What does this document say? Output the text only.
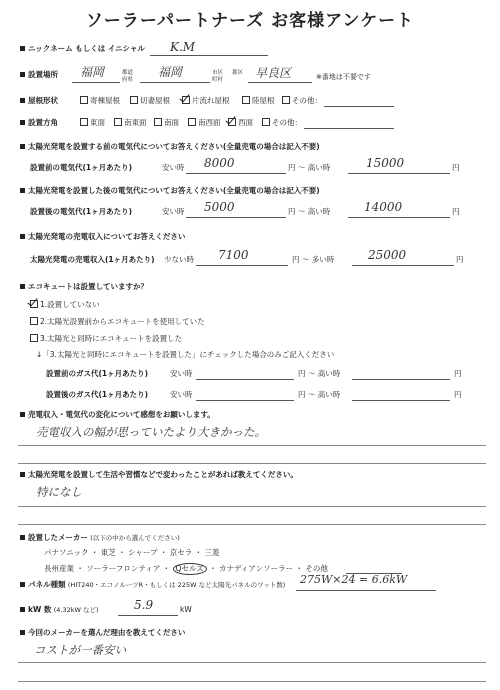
ソーラーパートナーズ お客様アンケート
ニックネーム もしくは イニシャル K.M
設置場所 福岡	都道府県
福岡	市区町村
郡区 早良区	※番地は不要です
屋根形状	寄棟屋根	切妻屋根	片流れ屋根	陸屋根	その他：
設置方角	東面	南東面	南面	南西面	西面	その他：
太陽光発電を設置する前の電気代についてお答えください(全量売電の場合は記入不要)
設置前の電気代(1ヶ月あたり)	安い時 8000	円 〜 高い時	15000	円
太陽光発電を設置した後の電気代についてお答えください(全量売電の場合は記入不要)
設置後の電気代(1ヶ月あたり)	安い時 5000	円 〜 高い時	14000	円
太陽光発電の売電収入についてお答えください
太陽光発電の売電収入(1ヶ月あたり) 少ない時 7100	円 〜 多い時	25000	円
エコキュートは設置していますか？
1.設置していない
2.太陽光設置前からエコキュートを使用していた
3.太陽光と同時にエコキュートを設置した
↓「3.太陽光と同時にエコキュートを設置した」にチェックした場合のみご記入ください
設置前のガス代(1ヶ月あたり)	安い時	円 〜 高い時	円
設置後のガス代(1ヶ月あたり)	安い時	円 〜 高い時	円
売電収入・電気代の変化について感想をお願いします。
売電収入の幅が思っていたより大きかった。
太陽光発電を設置して生活や習慣などで変わったことがあれば教えてください。
特になし
設置したメーカー (以下の中から選んでください)
パナソニック ・ 東芝 ・ シャープ ・ 京セラ ・ 三菱
長州産業 ・ ソーラーフロンティア ・ Qセルズ ・ カナディアンソーラー ・ その他
パネル種類 (HIT240・エコノルーツR・もしくは 225W など太陽光パネルのワット数) 275W×24 = 6.6kW
kW 数 (4.32kW など)	5.9	kW
今回のメーカーを選んだ理由を教えてください
コストが一番安い
